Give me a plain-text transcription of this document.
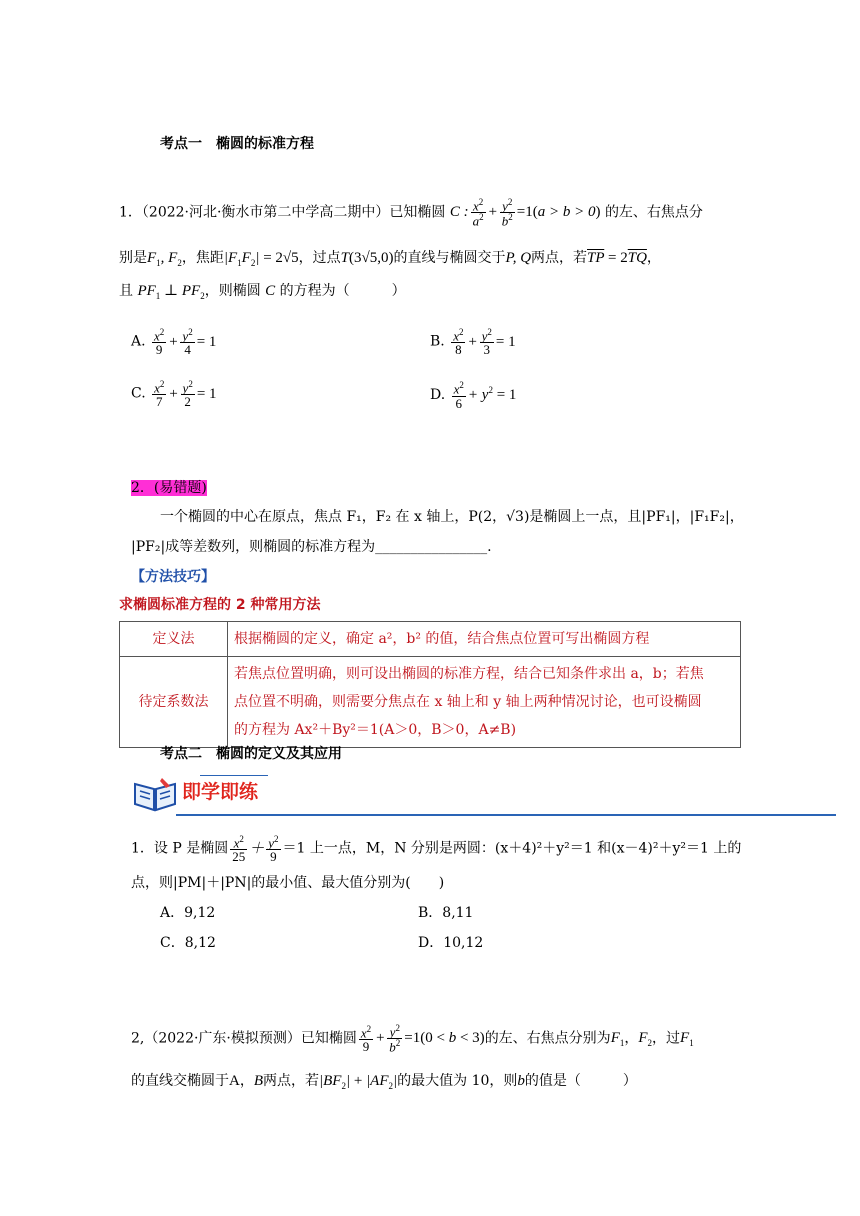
考点一　椭圆的标准方程
1．（2022·河北·衡水市第二中学高二期中）已知椭圆 C : $\frac{x^2}{a^2} + \frac{y^2}{b^2} =1(a > b > 0)$ 的左、右焦点分
别是$F_1$, $F_2$，焦距$|F_1F_2| = 2√5$，过点T(3√5,0)的直线与椭圆交于P, Q两点，若$\overline{TP} = 2\overline{TQ}$，
且 $PF_1$ ⊥ $PF_2$，则椭圆 C 的方程为（　　　）
A. $\frac{x^2}{9} + \frac{y^2}{4} = 1$	B. $\frac{x^2}{8} + \frac{y^2}{3} = 1$
C. $\frac{x^2}{7} + \frac{y^2}{2} = 1$	D. $\frac{x^2}{6} + y^2 = 1$
2．(易错题)
一个椭圆的中心在原点，焦点 F₁，F₂ 在 x 轴上，P(2，√3)是椭圆上一点，且|PF₁|，|F₁F₂|，
|PF₂|成等差数列，则椭圆的标准方程为________________.
【方法技巧】
求椭圆标准方程的 2 种常用方法
定义法	根据椭圆的定义，确定 a²，b² 的值，结合焦点位置可写出椭圆方程
待定系数法	若焦点位置明确，则可设出椭圆的标准方程，结合已知条件求出 a，b；若焦
点位置不明确，则需要分焦点在 x 轴上和 y 轴上两种情况讨论，也可设椭圆
的方程为 Ax²＋By²＝1(A＞0，B＞0，A≠B)
考点二　椭圆的定义及其应用
即学即练
1．设 P 是椭圆 $\frac{x^2}{25} + \frac{y^2}{9} =1$ 上一点，M，N 分别是两圆：(x＋4)²＋y²＝1 和(x－4)²＋y²＝1 上的
点，则|PM|＋|PN|的最小值、最大值分别为(　　)
A．9,12	B．8,11
C．8,12	D．10,12
2,（2022·广东·模拟预测）已知椭圆 $\frac{x^2}{9} + \frac{y^2}{b^2} =1(0 < b < 3)$的左、右焦点分别为$F_1$，$F_2$，过$F_1$
的直线交椭圆于A，B两点，若$|BF_2| + |AF_2|$的最大值为 10，则b的值是（　　　）
